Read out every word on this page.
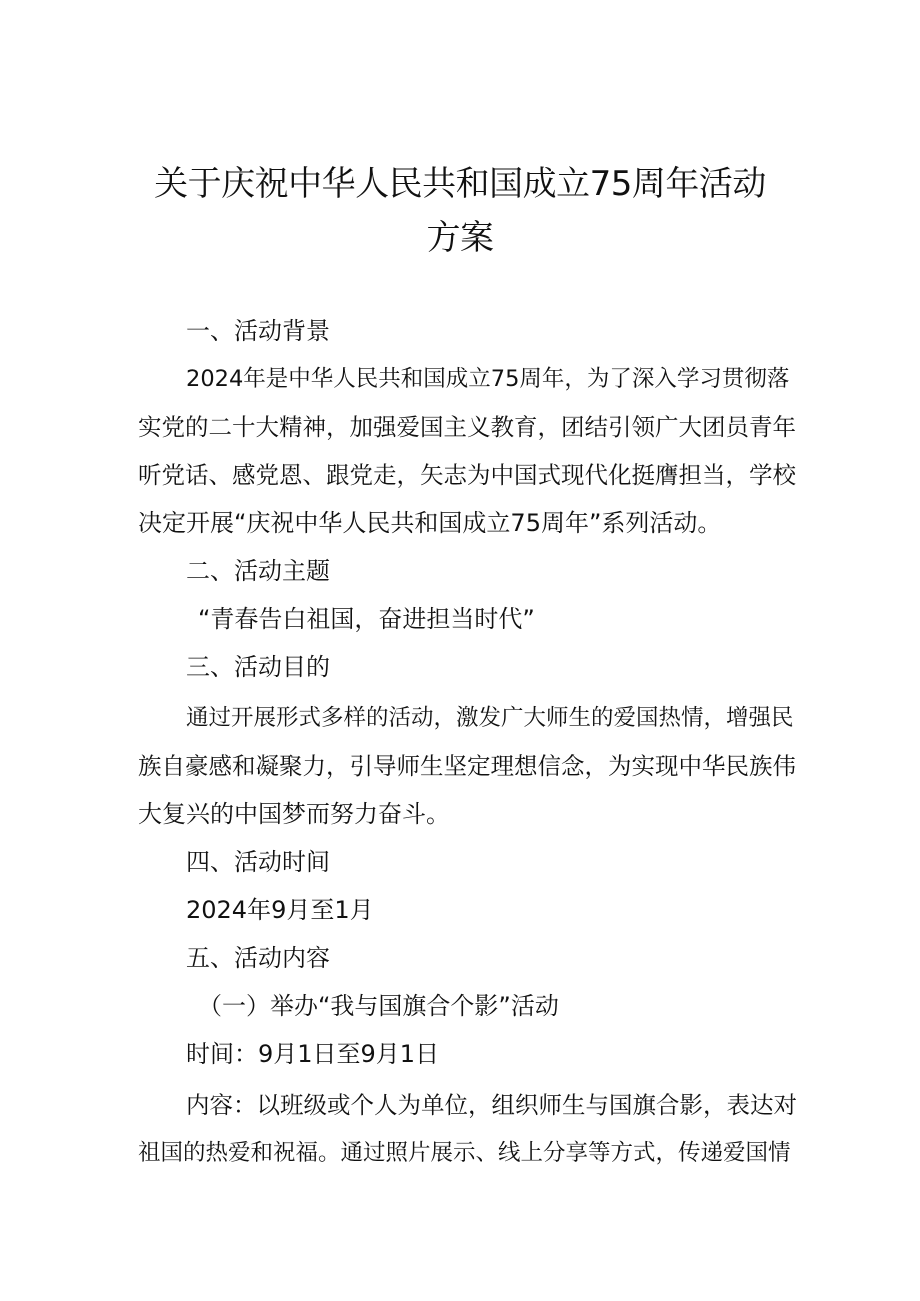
关于庆祝中华人民共和国成立75周年活动
方案

一、活动背景

2024年是中华人民共和国成立75周年，为了深入学习贯彻落

实党的二十大精神，加强爱国主义教育，团结引领广大团员青年

听党话、感党恩、跟党走，矢志为中国式现代化挺膺担当，学校

决定开展“庆祝中华人民共和国成立75周年”系列活动。

二、活动主题

“青春告白祖国，奋进担当时代”

三、活动目的

通过开展形式多样的活动，激发广大师生的爱国热情，增强民

族自豪感和凝聚力，引导师生坚定理想信念，为实现中华民族伟

大复兴的中国梦而努力奋斗。

四、活动时间

2024年9月至1月

五、活动内容

（一）举办“我与国旗合个影”活动

时间：9月1日至9月1日

内容：以班级或个人为单位，组织师生与国旗合影，表达对

祖国的热爱和祝福。通过照片展示、线上分享等方式，传递爱国情
